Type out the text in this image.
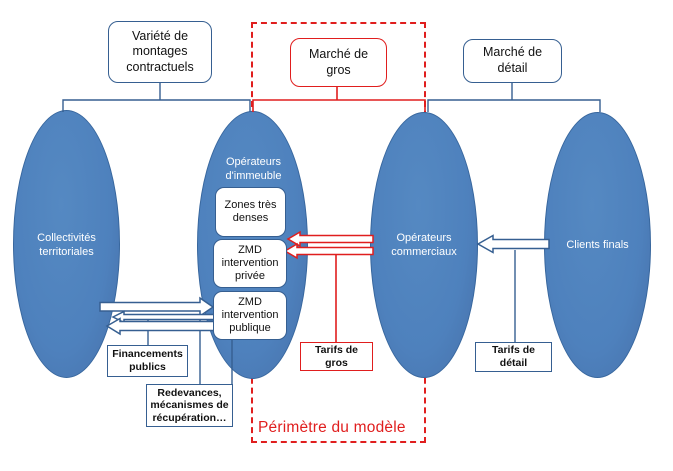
Périmètre du modèle
Variété de montages contractuels
Marché de gros
Marché de détail
Collectivités territoriales
Opérateurs d'immeuble
Opérateurs commerciaux
Clients finals
Zones très denses
ZMD intervention privée
ZMD intervention publique
Financements publics
Redevances, mécanismes de récupération…
Tarifs de gros
Tarifs de détail
